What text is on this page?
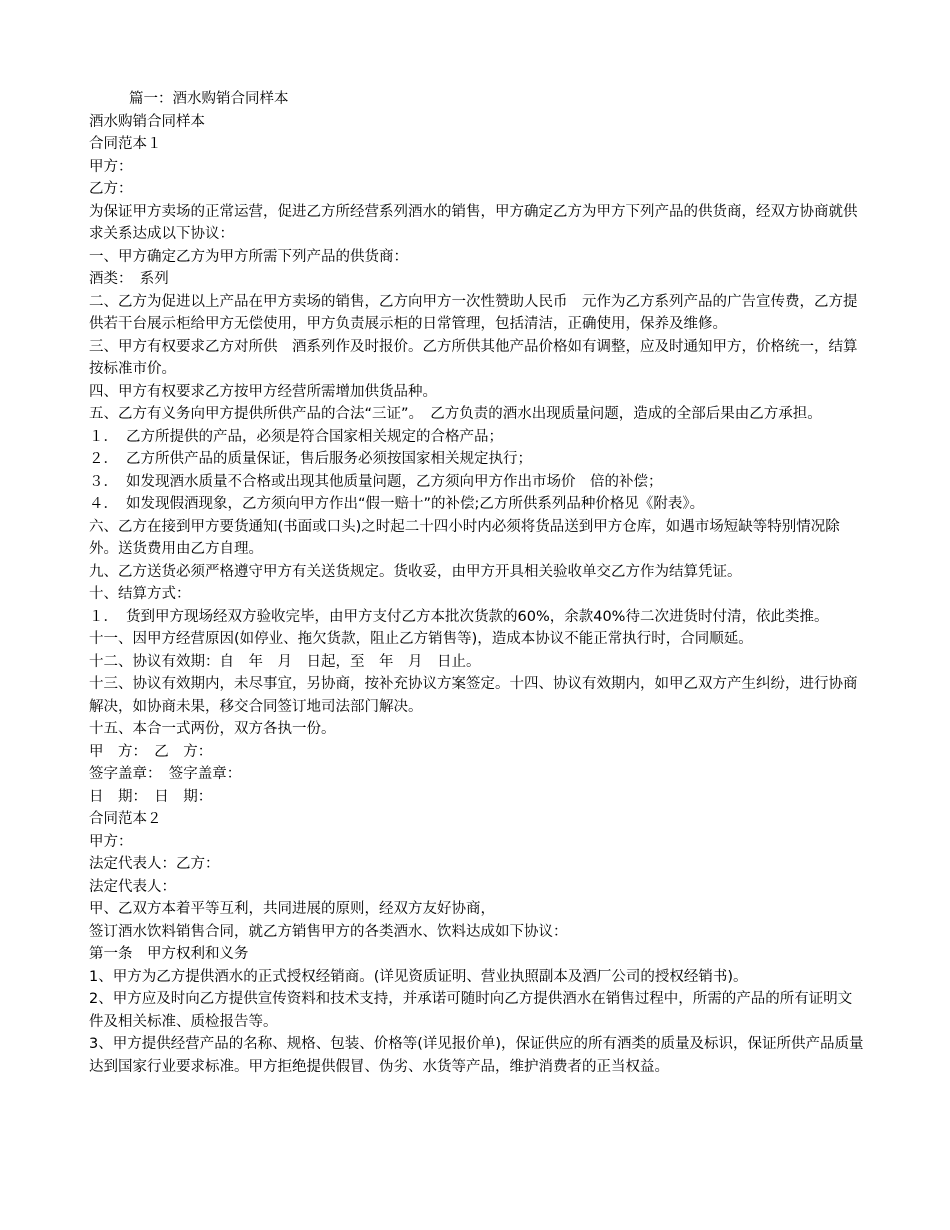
篇一：酒水购销合同样本

酒水购销合同样本

合同范本１

甲方：

乙方：

为保证甲方卖场的正常运营，促进乙方所经营系列酒水的销售，甲方确定乙方为甲方下列产品的供货商，经双方协商就供求关系达成以下协议：

一、甲方确定乙方为甲方所需下列产品的供货商：

酒类：　系列

二、乙方为促进以上产品在甲方卖场的销售，乙方向甲方一次性赞助人民币　元作为乙方系列产品的广告宣传费，乙方提供若干台展示柜给甲方无偿使用，甲方负责展示柜的日常管理，包括清洁，正确使用，保养及维修。

三、甲方有权要求乙方对所供　酒系列作及时报价。乙方所供其他产品价格如有调整，应及时通知甲方，价格统一，结算按标准市价。

四、甲方有权要求乙方按甲方经营所需增加供货品种。

五、乙方有义务向甲方提供所供产品的合法“三证”。　乙方负责的酒水出现质量问题，造成的全部后果由乙方承担。

１． 乙方所提供的产品，必须是符合国家相关规定的合格产品；
２． 乙方所供产品的质量保证，售后服务必须按国家相关规定执行；
３． 如发现酒水质量不合格或出现其他质量问题，乙方须向甲方作出市场价　倍的补偿；
４． 如发现假酒现象，乙方须向甲方作出“假一赔十”的补偿;乙方所供系列品种价格见《附表》。

六、乙方在接到甲方要货通知(书面或口头)之时起二十四小时内必须将货品送到甲方仓库，如遇市场短缺等特别情况除外。送货费用由乙方自理。

九、乙方送货必须严格遵守甲方有关送货规定。货收妥，由甲方开具相关验收单交乙方作为结算凭证。

十、结算方式：

１． 货到甲方现场经双方验收完毕，由甲方支付乙方本批次货款的60%，余款40%待二次进货时付清，依此类推。

十一、因甲方经营原因(如停业、拖欠货款，阻止乙方销售等)，造成本协议不能正常执行时，合同顺延。

十二、协议有效期：自　年　月　日起，至　年　月　日止。

十三、协议有效期内，未尽事宜，另协商，按补充协议方案签定。十四、协议有效期内，如甲乙双方产生纠纷，进行协商解决，如协商未果，移交合同签订地司法部门解决。

十五、本合一式两份，双方各执一份。

甲　方：　乙　方：

签字盖章：　签字盖章：

日　期：　日　期：

合同范本２

甲方：

法定代表人：乙方：

法定代表人：

甲、乙双方本着平等互利，共同进展的原则，经双方友好协商，

签订酒水饮料销售合同，就乙方销售甲方的各类酒水、饮料达成如下协议：

第一条　甲方权利和义务

1、甲方为乙方提供酒水的正式授权经销商。(详见资质证明、营业执照副本及酒厂公司的授权经销书)。

2、甲方应及时向乙方提供宣传资料和技术支持，并承诺可随时向乙方提供酒水在销售过程中，所需的产品的所有证明文件及相关标准、质检报告等。

3、甲方提供经营产品的名称、规格、包装、价格等(详见报价单)，保证供应的所有酒类的质量及标识，保证所供产品质量达到国家行业要求标准。甲方拒绝提供假冒、伪劣、水货等产品，维护消费者的正当权益。
